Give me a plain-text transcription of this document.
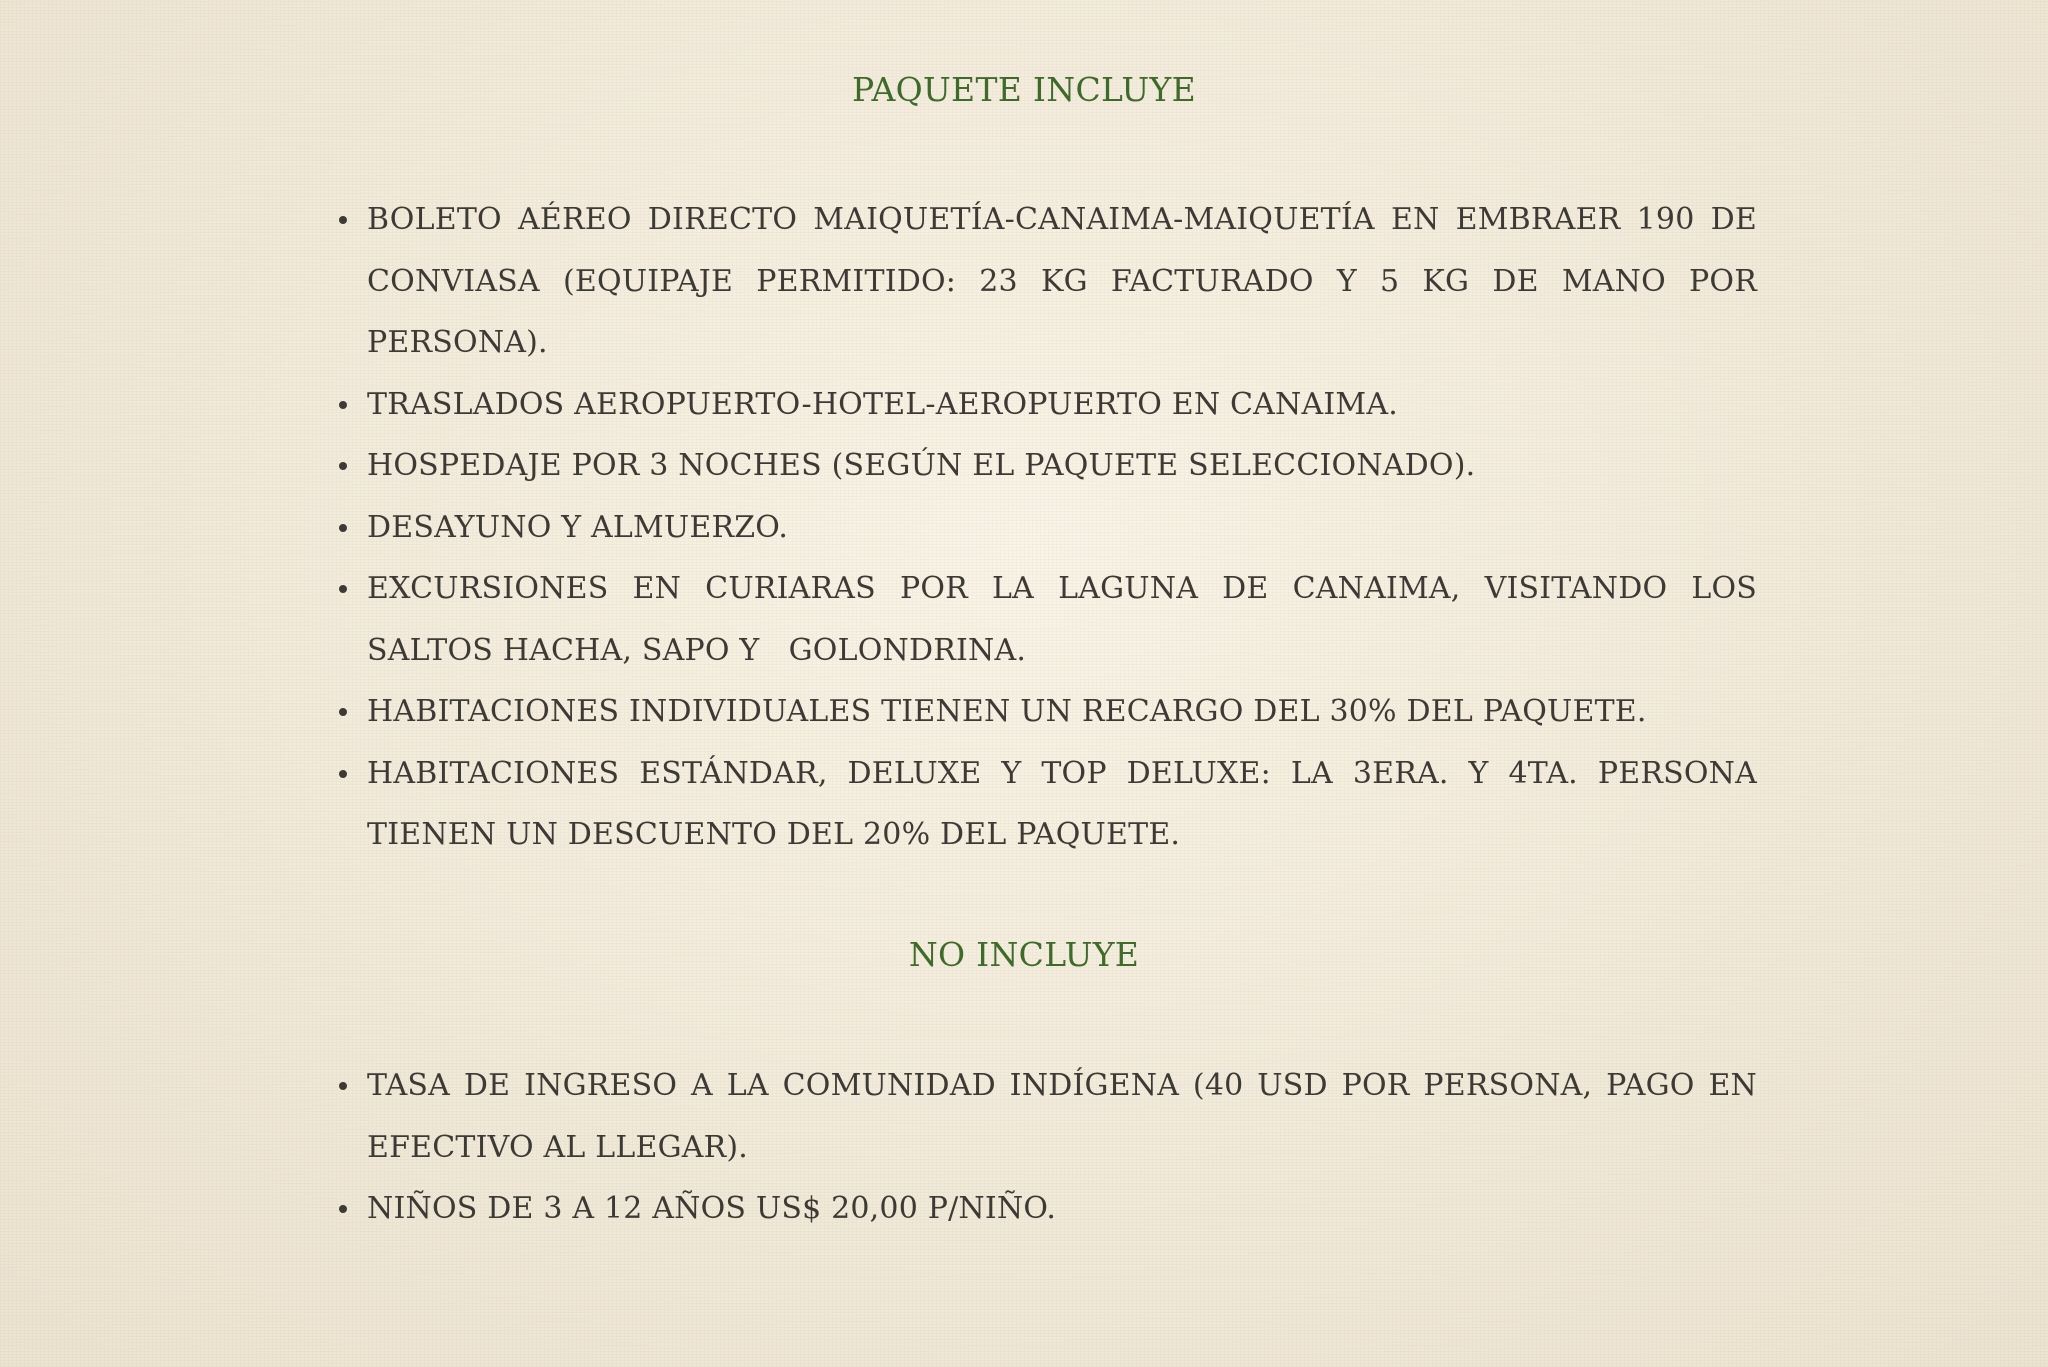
PAQUETE INCLUYE
BOLETO AÉREO DIRECTO MAIQUETÍA-CANAIMA-MAIQUETÍA EN EMBRAER 190 DE CONVIASA (EQUIPAJE PERMITIDO: 23 KG FACTURADO Y 5 KG DE MANO POR PERSONA).
TRASLADOS AEROPUERTO-HOTEL-AEROPUERTO EN CANAIMA.
HOSPEDAJE POR 3 NOCHES (SEGÚN EL PAQUETE SELECCIONADO).
DESAYUNO Y ALMUERZO.
EXCURSIONES EN CURIARAS POR LA LAGUNA DE CANAIMA, VISITANDO LOS SALTOS HACHA, SAPO Y   GOLONDRINA.
HABITACIONES INDIVIDUALES TIENEN UN RECARGO DEL 30% DEL PAQUETE.
HABITACIONES ESTÁNDAR, DELUXE Y TOP DELUXE: LA 3ERA. Y 4TA. PERSONA TIENEN UN DESCUENTO DEL 20% DEL PAQUETE.
NO INCLUYE
TASA DE INGRESO A LA COMUNIDAD INDÍGENA (40 USD POR PERSONA, PAGO EN EFECTIVO AL LLEGAR).
NIÑOS DE 3 A 12 AÑOS US$ 20,00 P/NIÑO.
